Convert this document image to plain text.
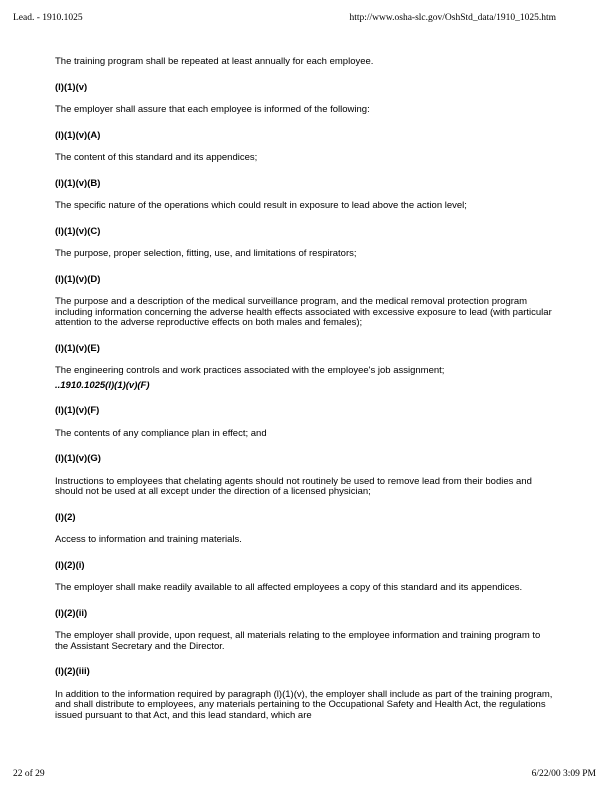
Lead. - 1910.1025	http://www.osha-slc.gov/OshStd_data/1910_1025.htm

The training program shall be repeated at least annually for each employee.

(l)(1)(v)

The employer shall assure that each employee is informed of the following:

(l)(1)(v)(A)

The content of this standard and its appendices;

(l)(1)(v)(B)

The specific nature of the operations which could result in exposure to lead above the action level;

(l)(1)(v)(C)

The purpose, proper selection, fitting, use, and limitations of respirators;

(l)(1)(v)(D)

The purpose and a description of the medical surveillance program, and the medical removal protection program including information concerning the adverse health effects associated with excessive exposure to lead (with particular attention to the adverse reproductive effects on both males and females);

(l)(1)(v)(E)

The engineering controls and work practices associated with the employee's job assignment;

..1910.1025(l)(1)(v)(F)

(l)(1)(v)(F)

The contents of any compliance plan in effect; and

(l)(1)(v)(G)

Instructions to employees that chelating agents should not routinely be used to remove lead from their bodies and should not be used at all except under the direction of a licensed physician;

(l)(2)

Access to information and training materials.

(l)(2)(i)

The employer shall make readily available to all affected employees a copy of this standard and its appendices.

(l)(2)(ii)

The employer shall provide, upon request, all materials relating to the employee information and training program to the Assistant Secretary and the Director.

(l)(2)(iii)

In addition to the information required by paragraph (l)(1)(v), the employer shall include as part of the training program, and shall distribute to employees, any materials pertaining to the Occupational Safety and Health Act, the regulations issued pursuant to that Act, and this lead standard, which are

22 of 29	6/22/00 3:09 PM
